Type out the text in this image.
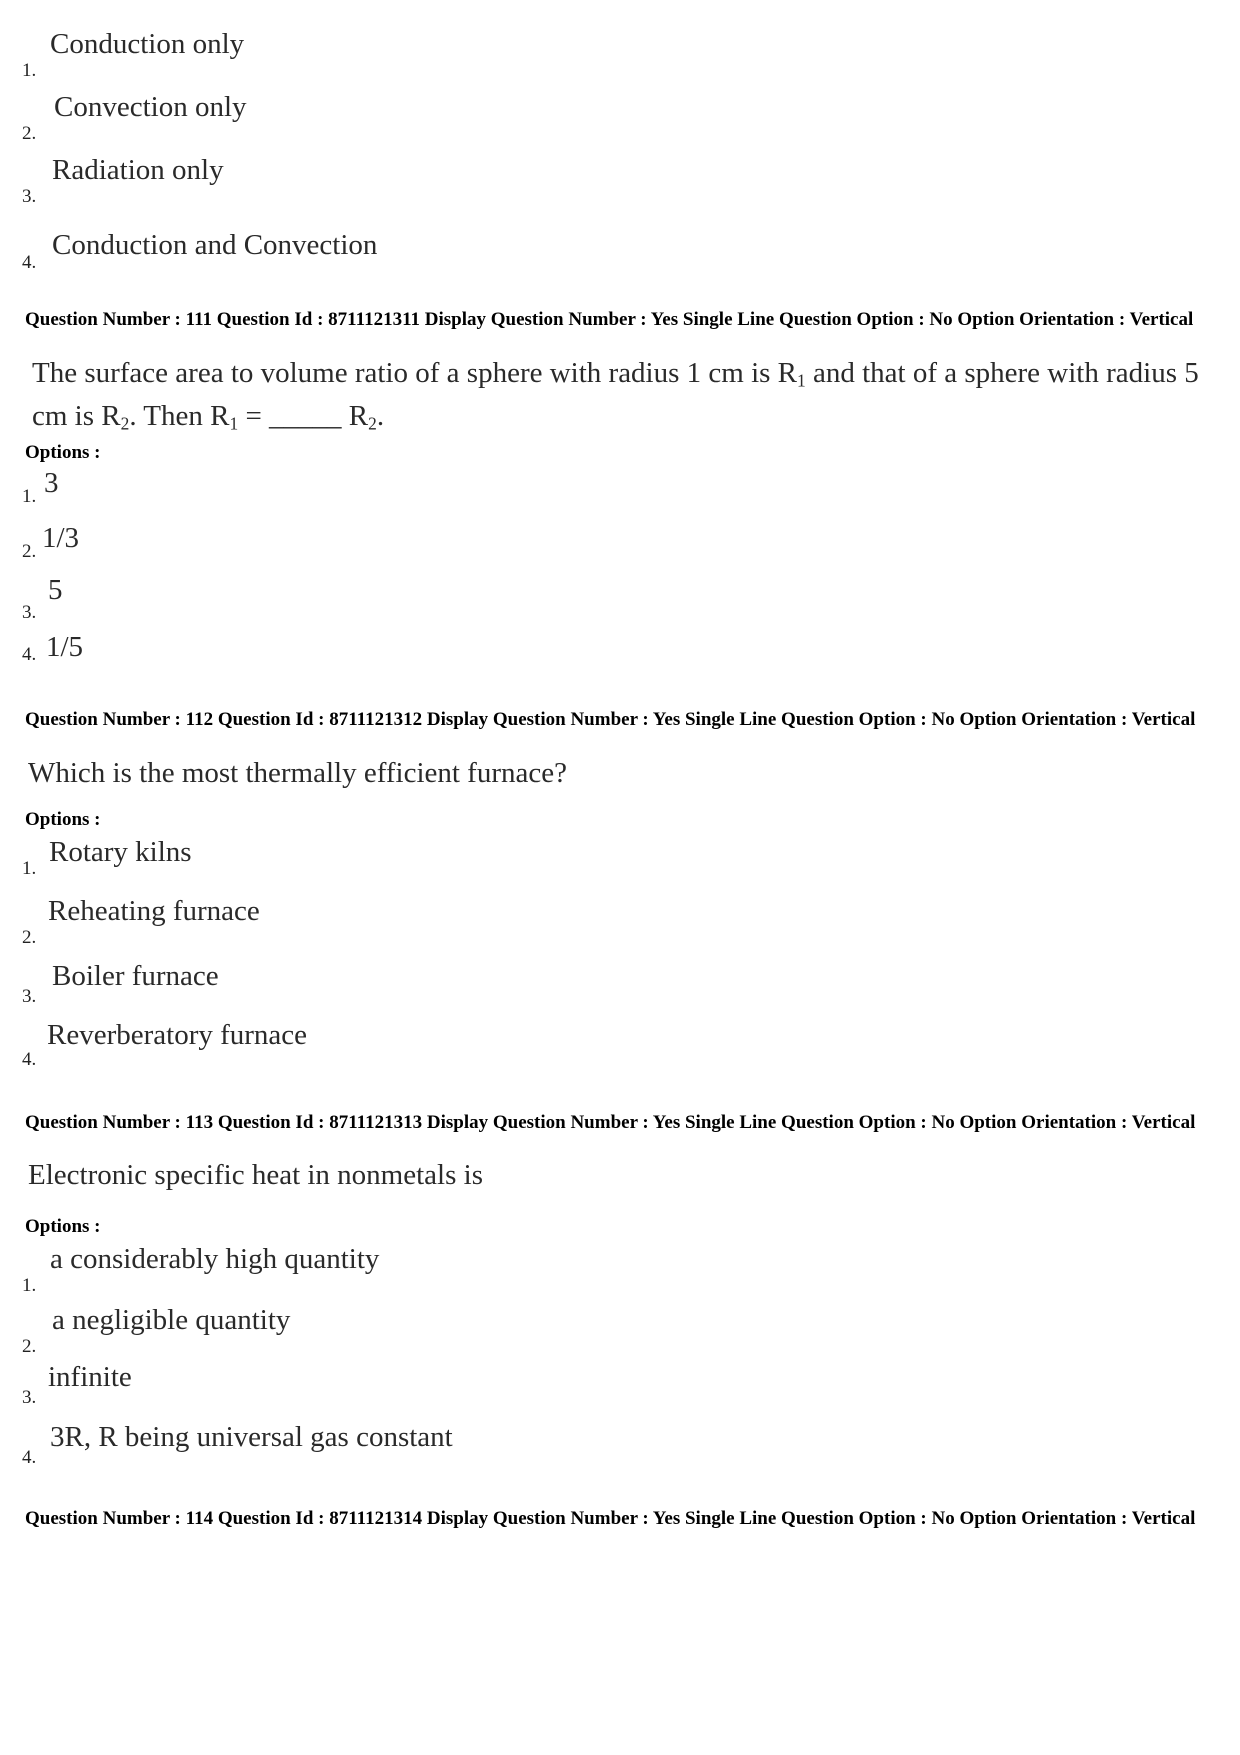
1.
Conduction only
2.
Convection only
3.
Radiation only
4.
Conduction and Convection
Question Number : 111 Question Id : 8711121311 Display Question Number : Yes Single Line Question Option : No Option Orientation : Vertical
The surface area to volume ratio of a sphere with radius 1 cm is $R_1$ and that of a sphere with radius 5 cm is $R_2$. Then $R_1$ = _____ $R_2$.
Options :
1. 3
2. 1/3
3.
5
4. 1/5
Question Number : 112 Question Id : 8711121312 Display Question Number : Yes Single Line Question Option : No Option Orientation : Vertical
Which is the most thermally efficient furnace?
Options :
1.
Rotary kilns
2.
Reheating furnace
3.
Boiler furnace
4.
Reverberatory furnace
Question Number : 113 Question Id : 8711121313 Display Question Number : Yes Single Line Question Option : No Option Orientation : Vertical
Electronic specific heat in nonmetals is
Options :
1.
a considerably high quantity
2.
a negligible quantity
3.
infinite
4.
3R, R being universal gas constant
Question Number : 114 Question Id : 8711121314 Display Question Number : Yes Single Line Question Option : No Option Orientation : Vertical
